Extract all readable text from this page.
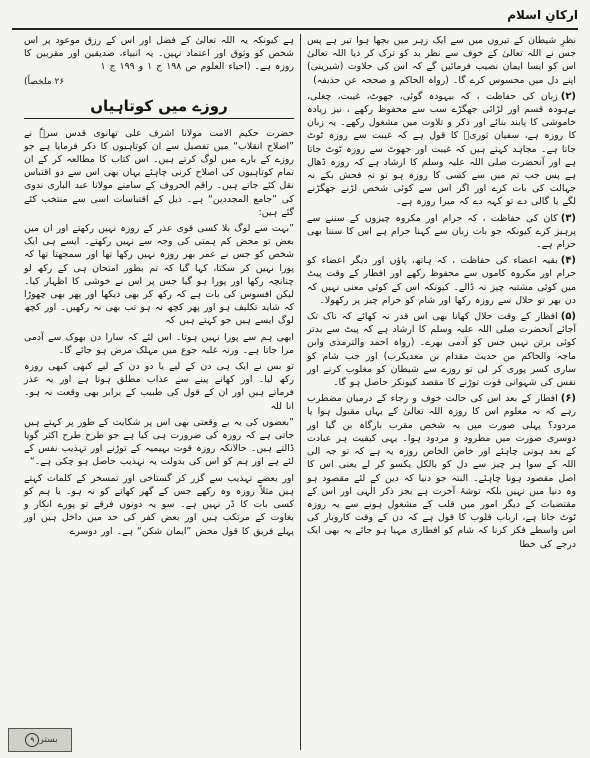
ارکانِ اسلام

نظرِ شیطان کے تیروں میں سے ایک زہر میں بجھا ہوا تیر ہے پس جس نے اللہ تعالیٰ کے خوف سے نظر بد کو ترک کر دیا اللہ تعالیٰ اس کو ایسا ایمان نصیب فرمائیں گے کہ اس کی حلاوت (شیرینی) اپنے دل میں محسوس کرے گا۔ (رواہ الحاکم و صححہ عن حذیفہ)

(۲)زبان کی حفاظت ، کہ بیہودہ گوئی، جھوٹ، غیبت، چغلی، بےہودہ قسم اور لڑائی جھگڑے سب سے محفوظ رکھے ، نیز زیادہ خاموشی کا پابند بنائے اور ذکر و تلاوت میں مشغول رکھے۔ یہ زبان کا روزہ ہے، سفیان ثوریؒ کا قول ہے کہ غیبت سے روزہ ٹوٹ جاتا ہے۔ مجاہد کہتے ہیں کہ غیبت اور جھوٹ سے روزہ ٹوٹ جاتا ہے اور آنحضرت صلی اللہ علیہ وسلم کا ارشاد ہے کہ روزہ ڈھال ہے پس جب تم میں سے کسی کا روزہ ہو تو نہ فحش بکے نہ جہالت کی بات کرے اور اگر اس سے کوئی شخص لڑنے جھگڑنے لگے یا گالی دے تو کہہ دے کہ میرا روزہ ہے۔

(۳)کان کی حفاظت ، کہ حرام اور مکروہ چیزوں کے سننے سے پرہیز کرے کیونکہ جو بات زبان سے کہنا حرام ہے اس کا سننا بھی حرام ہے۔

(۴)بقیہ اعضاء کی حفاظت ، کہ ہاتھ، پاؤں اور دیگر اعضاء کو حرام اور مکروہ کاموں سے محفوظ رکھے اور افطار کے وقت پیٹ میں کوئی مشتبہ چیز نہ ڈالے۔ کیونکہ اس کے کوئی معنی نہیں کہ دن بھر تو حلال سے روزہ رکھا اور شام کو حرام چیز پر رکھولا۔

(۵)افطار کے وقت حلال کھانا بھی اس قدر نہ کھائے کہ ناک تک آجائے آنحضرت صلی اللہ علیہ وسلم کا ارشاد ہے کہ پیٹ سے بدتر کوئی برتن نہیں جس کو آدمی بھرے۔ (رواہ احمد والترمذی وابن ماجہ والحاکم من حدیث مقدام بن معدیکرب) اور جب شام کو ساری کسر پوری کر لی تو روزے سے شیطان کو مغلوب کرنے اور نفس کی شہوانی قوت توڑنے کا مقصد کیونکر حاصل ہو گا۔

(۶)افطار کے بعد اس کی حالت خوف و رجاء کے درمیان مضطرب رہے کہ نہ معلوم اس کا روزہ اللہ تعالیٰ کے یہاں مقبول ہوا یا مردود؟ پہلی صورت میں یہ شخص مقرب بارگاہ بن گیا اور دوسری صورت میں مطرود و مردود ہوا۔ یہی کیفیت ہر عبادت کے بعد ہونی چاہئے اور خاص الخاص روزہ یہ ہے کہ تو جہ الی اللہ کے سوا ہر چیز سے دل کو بالکل یکسو کر لے یعنی اس کا اصل مقصود ہونا چاہئے۔ البتہ جو دنیا کہ دین کے لئے مقصود ہو وہ دنیا میں نہیں بلکہ توشۂ آخرت ہے بجز ذکر الٰہی اور اس کے مقتضیات کے دیگر امور میں قلب کے مشغول ہونے سے یہ روزہ ٹوٹ جاتا ہے، ارباب قلوب کا قول ہے کہ دن کے وقت کاروبار کی اس واسطے فکر کرنا کہ شام کو افطاری مہیا ہو جائے یہ بھی ایک درجے کی خطا

ہے کیونکہ یہ اللہ تعالیٰ کے فضل اور اس کے رزق موعود پر اس شخص کو وثوق اور اعتماد نہیں۔ یہ انبیاء، صدیقین اور مقربین کا روزہ ہے۔ (احیاء العلوم ص ۱۹۸ ج ۱ و ۱۹۹ ج ۱

۲۶ ملخصاً)
روزے میں کوتاہیاں

حضرت حکیم الامت مولانا اشرف علی تھانوی قدس سرہٗ نے ”اصلاح انقلاب“ میں تفصیل سے ان کوتاہیوں کا ذکر فرمایا ہے جو روزے کے بارے میں لوگ کرتے ہیں۔ اس کتاب کا مطالعہ کر کے ان تمام کوتاہیوں کی اصلاح کرنی چاہئے یہاں بھی اس سے دو اقتباس نقل کئے جاتے ہیں۔ راقم الحروف کے سامنے مولانا عبد الباری ندوی کی ”جامع المجددین“ ہے۔ ذیل کے اقتباسات اسی سے منتخب کئے گئے ہیں:

”بہت سے لوگ بلا کسی قوی عذر کے روزہ نہیں رکھتے اور ان میں بعض تو محض کم ہمتی کی وجہ سے نہیں رکھتے۔ ایسے ہی ایک شخص کو جس نے عمر بھر روزہ نہیں رکھا تھا اور سمجھتا تھا کہ پورا نہیں کر سکتا، کہا گیا کہ تم بطور امتحان ہی کے رکھ لو چنانچہ رکھا اور پورا ہو گیا جس پر اس نے خوشی کا اظہار کیا۔ لیکن افسوس کی بات ہے کہ رکھ کر بھی دیکھا اور پھر بھی چھوڑا کہ شاید تکلیف ہو اور پھر کچھ نہ ہو تب بھی نہ رکھیں۔ اور کچھ لوگ ایسے ہیں جو کہتے ہیں کہ

ابھی ہم سے پورا نہیں ہوتا۔ اس لئے کہ سارا دن بھوک سے آدمی مرا جاتا ہے۔ ورنہ غلبہ جوع میں مہلک مرض ہو جائے گا۔

تو بس نے ایک ہی دن کے لیے یا دو دن کے لیے کبھی کبھی روزہ رکھ لیا۔ اور کھانے پینے سے عذاب مطلق ہوتا ہے اور یہ عذر فرماتے ہیں اور ان کے قول کی طبیب کے برابر بھی وقعت نہ ہو۔ انا للہ

”بعضوں کی یہ بے وقعتی بھی اس پر شکایت کے طور پر کہتے ہیں جاتی ہے کہ روزہ کی ضرورت ہی کیا ہے جو طرح طرح اکثر گویا ڈالتے ہیں۔ حالانکہ روزہ قوت بہیمیہ کے توڑنے اور تہذیب نفس کے لئے ہے اور ہم کو اس کی بدولت یہ نہذیب حاصل ہو چکی ہے۔“

اور بعضے تہذیب سے گزر کر گستاخی اور تمسخر کے کلمات کہتے ہیں مثلاً روزہ وہ رکھے جس کے گھر کھانے کو نہ ہو۔ یا ہم کو کسی بات کا ڈر نہیں ہے۔ سو یہ دونوں فرقے تو پورے انکار و بغاوت کے مرتکب ہیں اور بعض کفر کی حد میں داخل ہیں اور پہلے فریق کا قول محض ”ایمان شکن“ ہے۔ اور دوسرے

۹ بستر
